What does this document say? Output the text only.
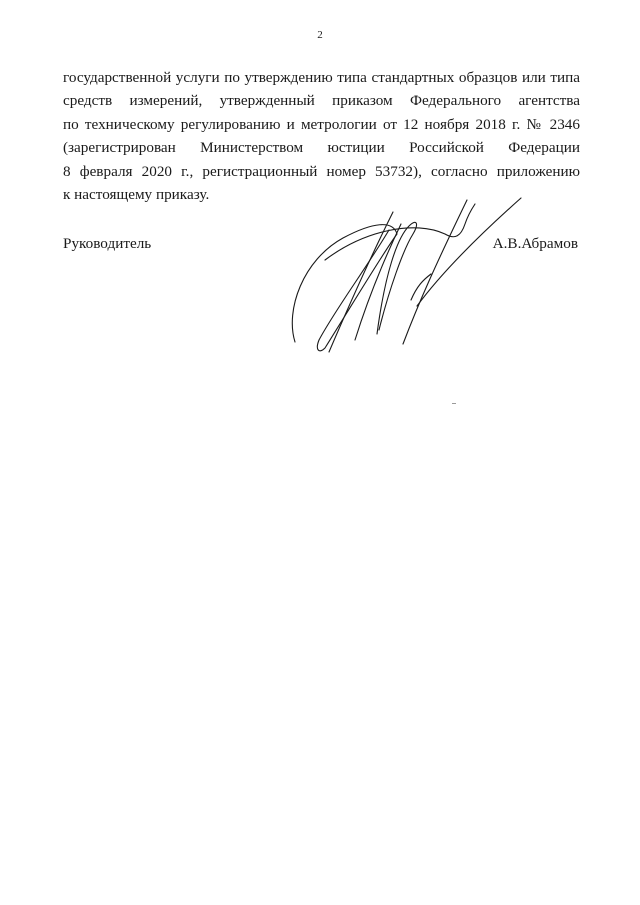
2
государственной услуги по утверждению типа стандартных образцов или типа
средств измерений, утвержденный приказом Федерального агентства
по техническому регулированию и метрологии от 12 ноября 2018 г. № 2346
(зарегистрирован Министерством юстиции Российской Федерации
8 февраля 2020 г., регистрационный номер 53732), согласно приложению
к настоящему приказу.
Руководитель	А.В.Абрамов
